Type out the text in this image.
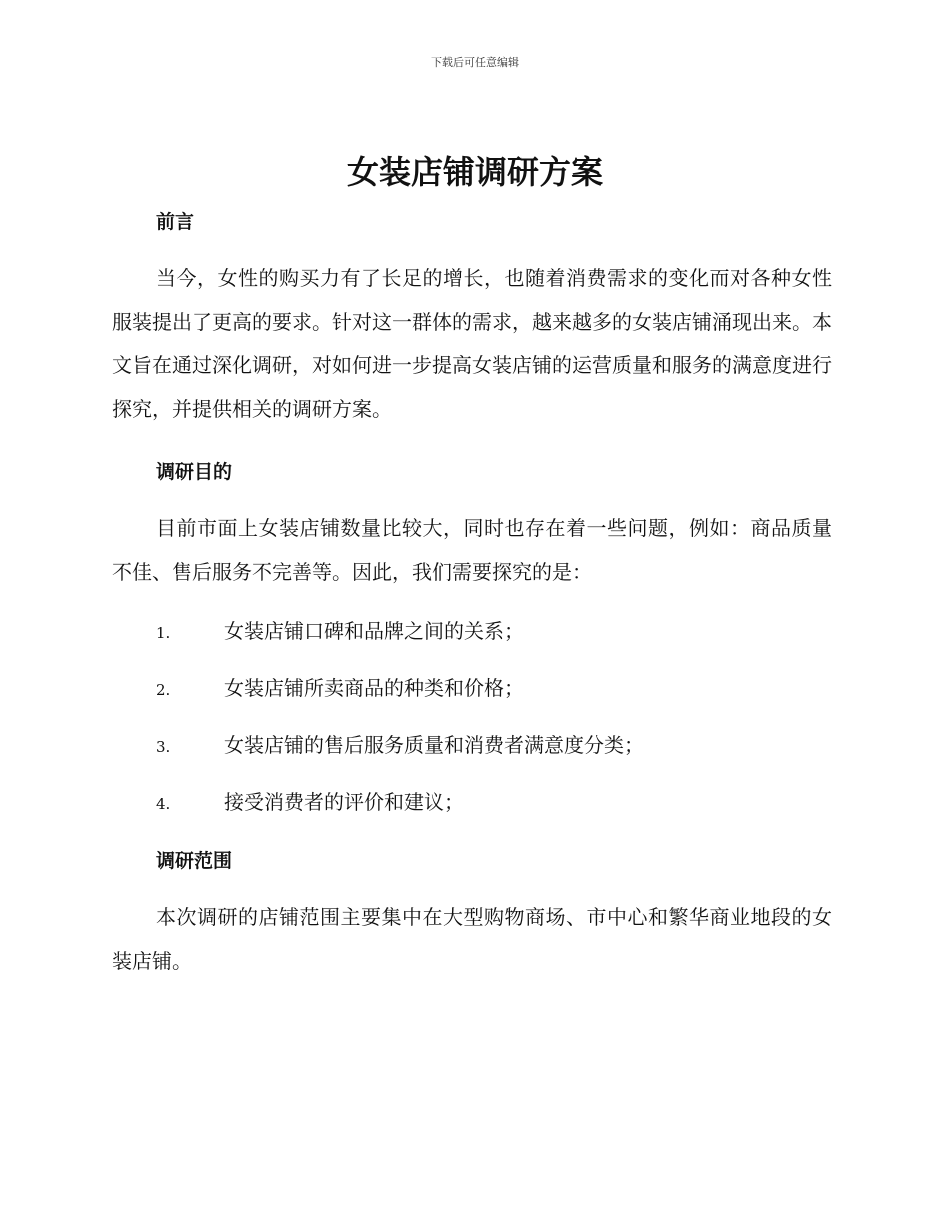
下载后可任意编辑
女装店铺调研方案
前言

当今，女性的购买力有了长足的增长，也随着消费需求的变化而对各种女性服装提出了更高的要求。针对这一群体的需求，越来越多的女装店铺涌现出来。本文旨在通过深化调研，对如何进一步提高女装店铺的运营质量和服务的满意度进行探究，并提供相关的调研方案。

调研目的

目前市面上女装店铺数量比较大，同时也存在着一些问题，例如：商品质量不佳、售后服务不完善等。因此，我们需要探究的是：

1.	女装店铺口碑和品牌之间的关系；
2.	女装店铺所卖商品的种类和价格；
3.	女装店铺的售后服务质量和消费者满意度分类；
4.	接受消费者的评价和建议；
调研范围

本次调研的店铺范围主要集中在大型购物商场、市中心和繁华商业地段的女装店铺。
